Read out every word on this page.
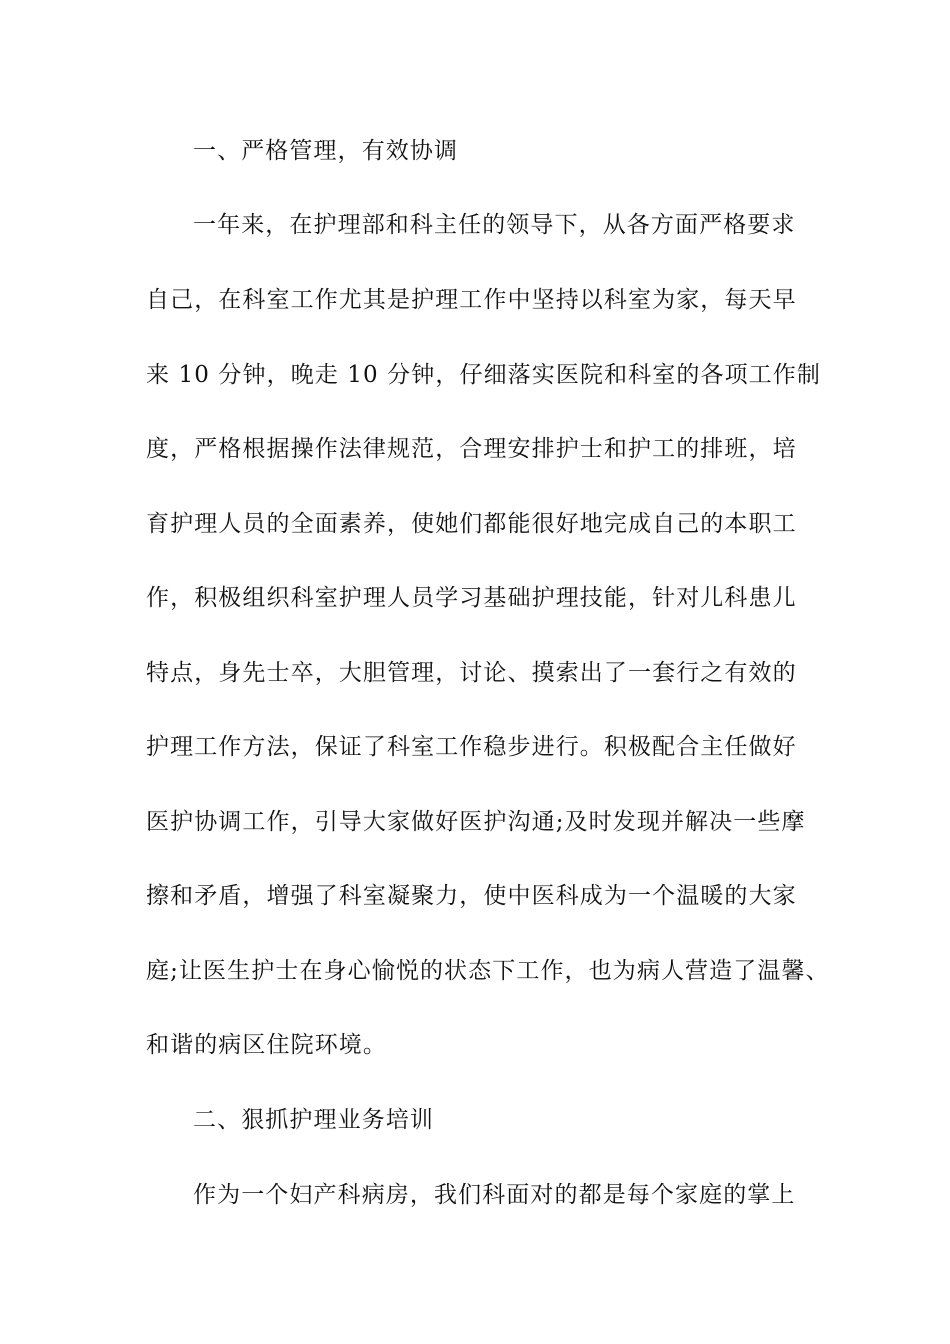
一、严格管理，有效协调
一年来，在护理部和科主任的领导下，从各方面严格要求
自己，在科室工作尤其是护理工作中坚持以科室为家，每天早
来 10 分钟，晚走 10 分钟，仔细落实医院和科室的各项工作制
度，严格根据操作法律规范，合理安排护士和护工的排班，培
育护理人员的全面素养，使她们都能很好地完成自己的本职工
作，积极组织科室护理人员学习基础护理技能，针对儿科患儿
特点，身先士卒，大胆管理，讨论、摸索出了一套行之有效的
护理工作方法，保证了科室工作稳步进行。积极配合主任做好
医护协调工作，引导大家做好医护沟通;及时发现并解决一些摩
擦和矛盾，增强了科室凝聚力，使中医科成为一个温暖的大家
庭;让医生护士在身心愉悦的状态下工作，也为病人营造了温馨、
和谐的病区住院环境。
二、狠抓护理业务培训
作为一个妇产科病房，我们科面对的都是每个家庭的掌上
